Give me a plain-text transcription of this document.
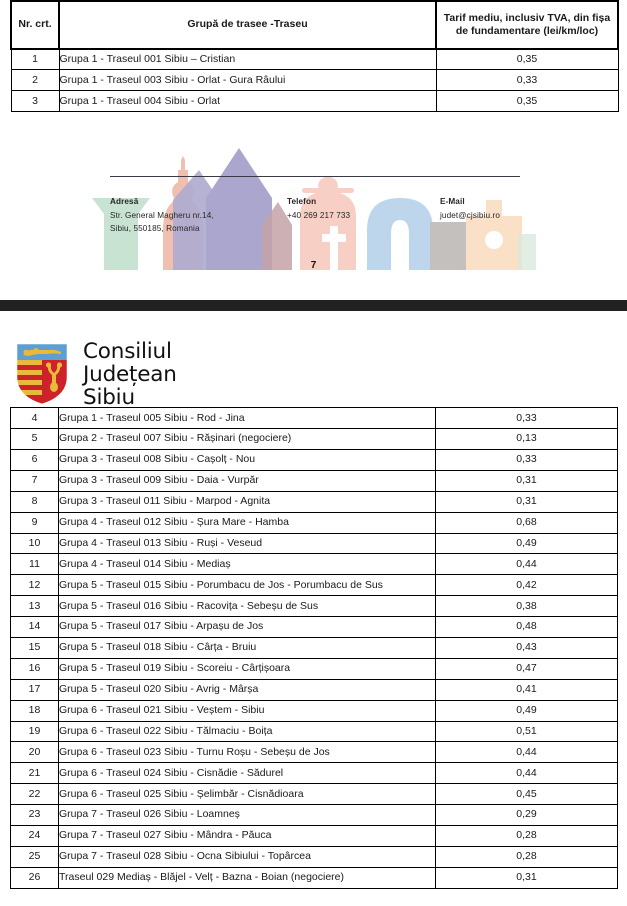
Nr. crt.	Grupă de trasee -Traseu	Tarif mediu, inclusiv TVA, din fișa
de fundamentare (lei/km/loc)

1	Grupa 1 - Traseul 001 Sibiu – Cristian	0,35
2	Grupa 1 - Traseul 003 Sibiu - Orlat - Gura Râului	0,33
3	Grupa 1 - Traseul 004 Sibiu - Orlat	0,35
Adresă
Str. General Magheru nr.14,
Sibiu, 550185, Romania
Telefon
+40 269 217 733
E-Mail
judet@cjsibiu.ro
7
Consiliul
Județean
Sibiu
4	Grupa 1 - Traseul 005 Sibiu - Rod - Jina	0,33
5	Grupa 2 - Traseul 007 Sibiu - Rășinari (negociere)	0,13
6	Grupa 3 - Traseul 008 Sibiu - Cașolț - Nou	0,33
7	Grupa 3 - Traseul 009 Sibiu - Daia - Vurpăr	0,31
8	Grupa 3 - Traseul 011 Sibiu - Marpod - Agnita	0,31
9	Grupa 4 - Traseul 012 Sibiu - Șura Mare - Hamba	0,68
10	Grupa 4 - Traseul 013 Sibiu - Ruși - Veseud	0,49
11	Grupa 4 - Traseul 014 Sibiu - Mediaș	0,44
12	Grupa 5 - Traseul 015 Sibiu - Porumbacu de Jos - Porumbacu de Sus	0,42
13	Grupa 5 - Traseul 016 Sibiu - Racovița - Sebeșu de Sus	0,38
14	Grupa 5 - Traseul 017 Sibiu - Arpașu de Jos	0,48
15	Grupa 5 - Traseul 018 Sibiu - Cârța - Bruiu	0,43
16	Grupa 5 - Traseul 019 Sibiu - Scoreiu - Cârțișoara	0,47
17	Grupa 5 - Traseul 020 Sibiu - Avrig - Mârșa	0,41
18	Grupa 6 - Traseul 021 Sibiu - Veștem - Sibiu	0,49
19	Grupa 6 - Traseul 022 Sibiu - Tălmaciu - Boița	0,51
20	Grupa 6 - Traseul 023 Sibiu - Turnu Roșu - Sebeșu de Jos	0,44
21	Grupa 6 - Traseul 024 Sibiu - Cisnădie - Sădurel	0,44
22	Grupa 6 - Traseul 025 Sibiu - Șelimbăr - Cisnădioara	0,45
23	Grupa 7 - Traseul 026 Sibiu - Loamneș	0,29
24	Grupa 7 - Traseul 027 Sibiu - Mândra - Păuca	0,28
25	Grupa 7 - Traseul 028 Sibiu - Ocna Sibiului - Topârcea	0,28
26	Traseul 029 Mediaș - Blăjel - Velț - Bazna - Boian (negociere)	0,31
